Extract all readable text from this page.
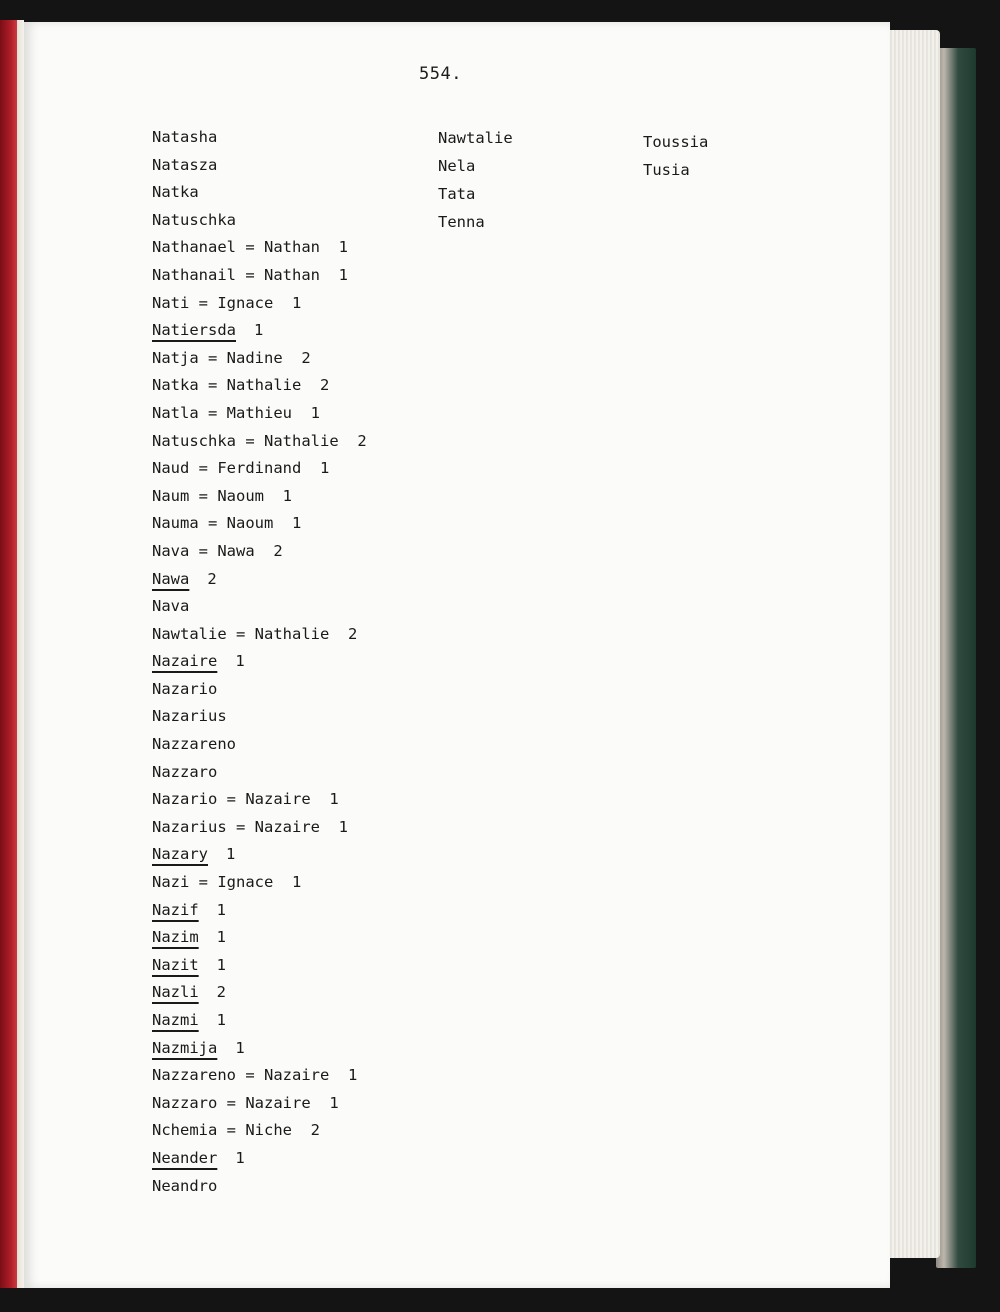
554.
Natasha
Natasza
Natka
Natuschka
Nathanael = Nathan  1
Nathanail = Nathan  1
Nati = Ignace  1
Natiersda 1
Natja = Nadine  2
Natka = Nathalie  2
Natla = Mathieu  1
Natuschka = Nathalie  2
Naud = Ferdinand  1
Naum = Naoum  1
Nauma = Naoum  1
Nava = Nawa  2
Nawa 2
Nava
Nawtalie = Nathalie  2
Nazaire 1
Nazario
Nazarius
Nazzareno
Nazzaro
Nazario = Nazaire  1
Nazarius = Nazaire  1
Nazary 1
Nazi = Ignace  1
Nazif 1
Nazim 1
Nazit 1
Nazli 2
Nazmi 1
Nazmija 1
Nazzareno = Nazaire  1
Nazzaro = Nazaire  1
Nchemia = Niche  2
Neander 1
Neandro
Nawtalie
Nela
Tata
Tenna
Toussia
Tusia
